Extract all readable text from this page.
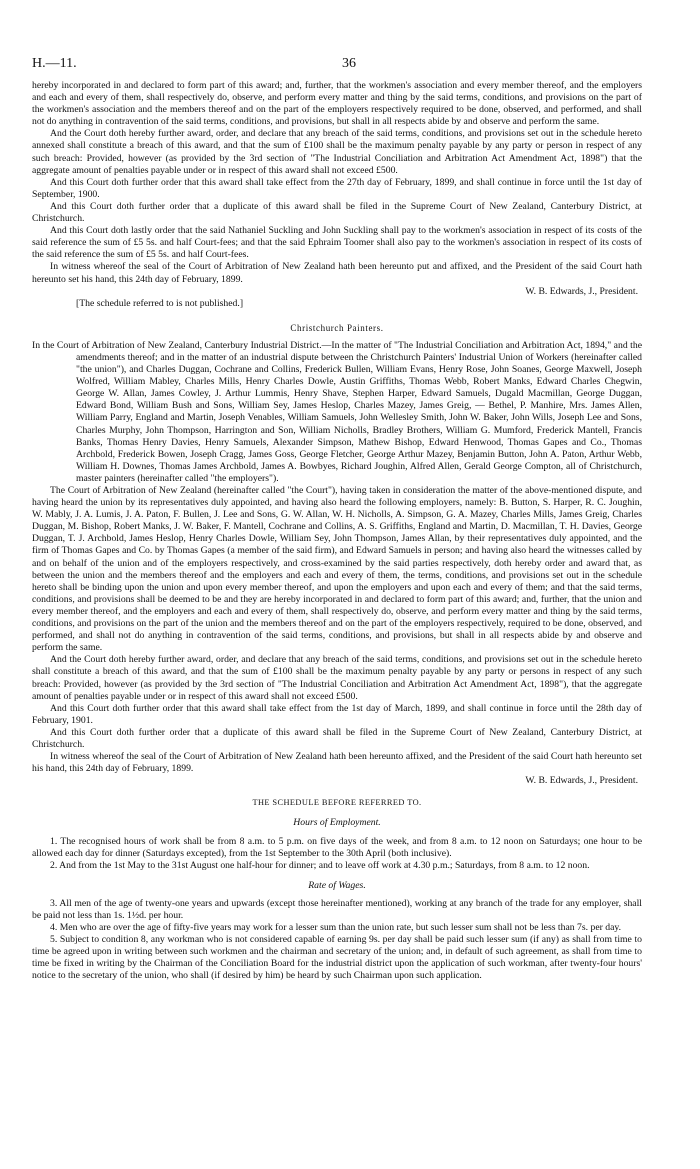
H.—11.	36

hereby incorporated in and declared to form part of this award; and, further, that the workmen's association and every member thereof, and the employers and each and every of them, shall respectively do, observe, and perform every matter and thing by the said terms, conditions, and provisions on the part of the workmen's association and the members thereof and on the part of the employers respectively required to be done, observed, and performed, and shall not do anything in contravention of the said terms, conditions, and provisions, but shall in all respects abide by and observe and perform the same.

And the Court doth hereby further award, order, and declare that any breach of the said terms, conditions, and provisions set out in the schedule hereto annexed shall constitute a breach of this award, and that the sum of £100 shall be the maximum penalty payable by any party or person in respect of any such breach: Provided, however (as provided by the 3rd section of "The Industrial Conciliation and Arbitration Act Amendment Act, 1898") that the aggregate amount of penalties payable under or in respect of this award shall not exceed £500.

And this Court doth further order that this award shall take effect from the 27th day of February, 1899, and shall continue in force until the 1st day of September, 1900.

And this Court doth further order that a duplicate of this award shall be filed in the Supreme Court of New Zealand, Canterbury District, at Christchurch.

And this Court doth lastly order that the said Nathaniel Suckling and John Suckling shall pay to the workmen's association in respect of its costs of the said reference the sum of £5 5s. and half Court-fees; and that the said Ephraim Toomer shall also pay to the workmen's association in respect of its costs of the said reference the sum of £5 5s. and half Court-fees.

In witness whereof the seal of the Court of Arbitration of New Zealand hath been hereunto put and affixed, and the President of the said Court hath hereunto set his hand, this 24th day of February, 1899.

W. B. Edwards, J., President.

[The schedule referred to is not published.]

Christchurch Painters.

In the Court of Arbitration of New Zealand, Canterbury Industrial District.—In the matter of "The Industrial Conciliation and Arbitration Act, 1894," and the amendments thereof; and in the matter of an industrial dispute between the Christchurch Painters' Industrial Union of Workers (hereinafter called "the union"), and Charles Duggan, Cochrane and Collins, Frederick Bullen, William Evans, Henry Rose, John Soanes, George Maxwell, Joseph Wolfred, William Mabley, Charles Mills, Henry Charles Dowle, Austin Griffiths, Thomas Webb, Robert Manks, Edward Charles Chegwin, George W. Allan, James Cowley, J. Arthur Lummis, Henry Shave, Stephen Harper, Edward Samuels, Dugald Macmillan, George Duggan, Edward Bond, William Bush and Sons, William Sey, James Heslop, Charles Mazey, James Greig, — Bethel, P. Manhire, Mrs. James Allen, William Parry, England and Martin, Joseph Venables, William Samuels, John Wellesley Smith, John W. Baker, John Wills, Joseph Lee and Sons, Charles Murphy, John Thompson, Harrington and Son, William Nicholls, Bradley Brothers, William G. Mumford, Frederick Mantell, Francis Banks, Thomas Henry Davies, Henry Samuels, Alexander Simpson, Mathew Bishop, Edward Henwood, Thomas Gapes and Co., Thomas Archbold, Frederick Bowen, Joseph Cragg, James Goss, George Fletcher, George Arthur Mazey, Benjamin Button, John A. Paton, Arthur Webb, William H. Downes, Thomas James Archbold, James A. Bowbyes, Richard Joughin, Alfred Allen, Gerald George Compton, all of Christchurch, master painters (hereinafter called "the employers").

The Court of Arbitration of New Zealand (hereinafter called "the Court"), having taken in consideration the matter of the above-mentioned dispute, and having heard the union by its representatives duly appointed, and having also heard the following employers, namely: B. Button, S. Harper, R. C. Joughin, W. Mably, J. A. Lumis, J. A. Paton, F. Bullen, J. Lee and Sons, G. W. Allan, W. H. Nicholls, A. Simpson, G. A. Mazey, Charles Mills, James Greig, Charles Duggan, M. Bishop, Robert Manks, J. W. Baker, F. Mantell, Cochrane and Collins, A. S. Griffiths, England and Martin, D. Macmillan, T. H. Davies, George Duggan, T. J. Archbold, James Heslop, Henry Charles Dowle, William Sey, John Thompson, James Allan, by their representatives duly appointed, and the firm of Thomas Gapes and Co. by Thomas Gapes (a member of the said firm), and Edward Samuels in person; and having also heard the witnesses called by and on behalf of the union and of the employers respectively, and cross-examined by the said parties respectively, doth hereby order and award that, as between the union and the members thereof and the employers and each and every of them, the terms, conditions, and provisions set out in the schedule hereto shall be binding upon the union and upon every member thereof, and upon the employers and upon each and every of them; and that the said terms, conditions, and provisions shall be deemed to be and they are hereby incorporated in and declared to form part of this award; and, further, that the union and every member thereof, and the employers and each and every of them, shall respectively do, observe, and perform every matter and thing by the said terms, conditions, and provisions on the part of the union and the members thereof and on the part of the employers respectively, required to be done, observed, and performed, and shall not do anything in contravention of the said terms, conditions, and provisions, but shall in all respects abide by and observe and perform the same.

And the Court doth hereby further award, order, and declare that any breach of the said terms, conditions, and provisions set out in the schedule hereto shall constitute a breach of this award, and that the sum of £100 shall be the maximum penalty payable by any party or persons in respect of any such breach: Provided, however (as provided by the 3rd section of "The Industrial Conciliation and Arbitration Act Amendment Act, 1898"), that the aggregate amount of penalties payable under or in respect of this award shall not exceed £500.

And this Court doth further order that this award shall take effect from the 1st day of March, 1899, and shall continue in force until the 28th day of February, 1901.

And this Court doth further order that a duplicate of this award shall be filed in the Supreme Court of New Zealand, Canterbury District, at Christchurch.

In witness whereof the seal of the Court of Arbitration of New Zealand hath been hereunto affixed, and the President of the said Court hath hereunto set his hand, this 24th day of February, 1899.

W. B. Edwards, J., President.

THE SCHEDULE BEFORE REFERRED TO.
Hours of Employment.

1. The recognised hours of work shall be from 8 a.m. to 5 p.m. on five days of the week, and from 8 a.m. to 12 noon on Saturdays; one hour to be allowed each day for dinner (Saturdays excepted), from the 1st September to the 30th April (both inclusive).

2. And from the 1st May to the 31st August one half-hour for dinner; and to leave off work at 4.30 p.m.; Saturdays, from 8 a.m. to 12 noon.

Rate of Wages.

3. All men of the age of twenty-one years and upwards (except those hereinafter mentioned), working at any branch of the trade for any employer, shall be paid not less than 1s. 1½d. per hour.

4. Men who are over the age of fifty-five years may work for a lesser sum than the union rate, but such lesser sum shall not be less than 7s. per day.

5. Subject to condition 8, any workman who is not considered capable of earning 9s. per day shall be paid such lesser sum (if any) as shall from time to time be agreed upon in writing between such workmen and the chairman and secretary of the union; and, in default of such agreement, as shall from time to time be fixed in writing by the Chairman of the Conciliation Board for the industrial district upon the application of such workman, after twenty-four hours' notice to the secretary of the union, who shall (if desired by him) be heard by such Chairman upon such application.
